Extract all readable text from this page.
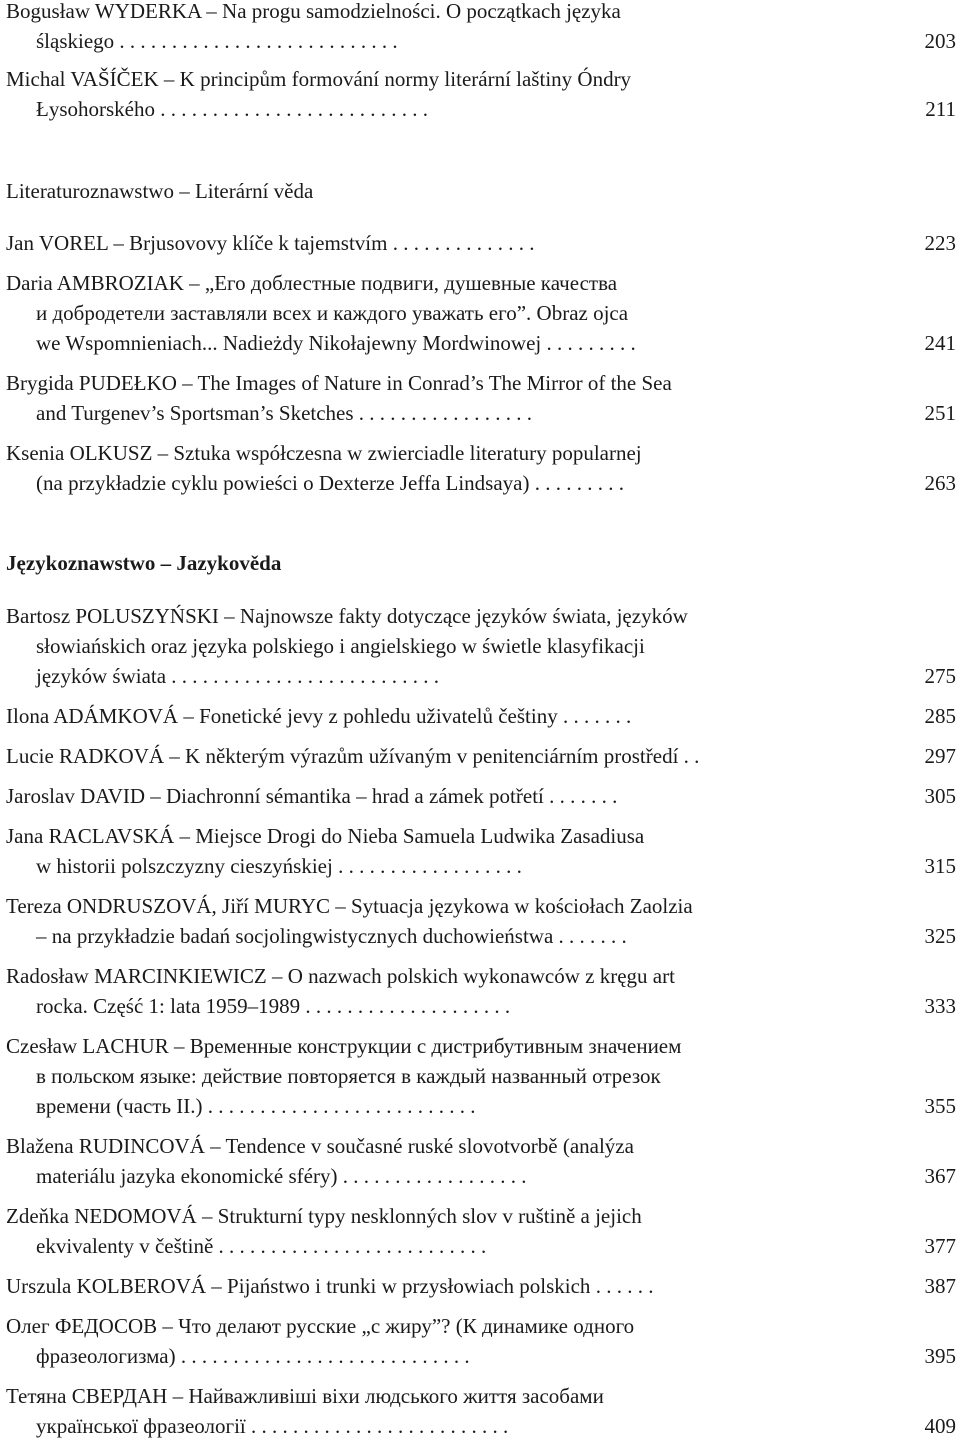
Bogusław WYDERKA – Na progu samodzielności. O początkach języka
śląskiego . . . . . . . . . . . . . . . . . . . . . . . . . . .	203
Michal VAŠÍČEK – K principům formování normy literární laštiny Óndry
Łysohorského . . . . . . . . . . . . . . . . . . . . . . . . . .	211
Literaturoznawstwo – Literární věda
Jan VOREL – Brjusovovy klíče k tajemstvím . . . . . . . . . . . . . .	223
Daria AMBROZIAK – „Его доблестные подвиги, душевные качества
и добродетели заставляли всех и каждого уважать его”. Obraz ojca
we Wspomnieniach... Nadieżdy Nikołajewny Mordwinowej . . . . . . . . .	241
Brygida PUDEŁKO – The Images of Nature in Conrad’s The Mirror of the Sea
and Turgenev’s Sportsman’s Sketches . . . . . . . . . . . . . . . . .	251
Ksenia OLKUSZ – Sztuka współczesna w zwierciadle literatury popularnej
(na przykładzie cyklu powieści o Dexterze Jeffa Lindsaya) . . . . . . . . .	263
Językoznawstwo – Jazykověda
Bartosz POLUSZYŃSKI – Najnowsze fakty dotyczące języków świata, języków
słowiańskich oraz języka polskiego i angielskiego w świetle klasyfikacji
języków świata . . . . . . . . . . . . . . . . . . . . . . . . . .	275
Ilona ADÁMKOVÁ – Fonetické jevy z pohledu uživatelů češtiny . . . . . . .	285
Lucie RADKOVÁ – K některým výrazům užívaným v penitenciárním prostředí . .	297
Jaroslav DAVID – Diachronní sémantika – hrad a zámek potřetí . . . . . . .	305
Jana RACLAVSKÁ – Miejsce Drogi do Nieba Samuela Ludwika Zasadiusa
w historii polszczyzny cieszyńskiej . . . . . . . . . . . . . . . . . .	315
Tereza ONDRUSZOVÁ, Jiří MURYC – Sytuacja językowa w kościołach Zaolzia
– na przykładzie badań socjolingwistycznych duchowieństwa . . . . . . .	325
Radosław MARCINKIEWICZ – O nazwach polskich wykonawców z kręgu art
rocka. Część 1: lata 1959–1989 . . . . . . . . . . . . . . . . . . . .	333
Czesław LACHUR – Временные конструкции с дистрибутивным значением
в польском языке: действие повторяется в каждый названный отрезок
времени (часть II.) . . . . . . . . . . . . . . . . . . . . . . . . . .	355
Blažena RUDINCOVÁ – Tendence v současné ruské slovotvorbě (analýza
materiálu jazyka ekonomické sféry) . . . . . . . . . . . . . . . . . .	367
Zdeňka NEDOMOVÁ – Strukturní typy nesklonných slov v ruštině a jejich
ekvivalenty v češtině . . . . . . . . . . . . . . . . . . . . . . . . . .	377
Urszula KOLBEROVÁ – Pijaństwo i trunki w przysłowiach polskich . . . . . .	387
Олег ФЕДОСОВ – Что делают русские „с жиру”? (К динамике одного
фразеологизма) . . . . . . . . . . . . . . . . . . . . . . . . . . . .	395
Тетяна СВЕРДАН – Найважливіші віхи людського життя засобами
української фразеології . . . . . . . . . . . . . . . . . . . . . . . . .	409
